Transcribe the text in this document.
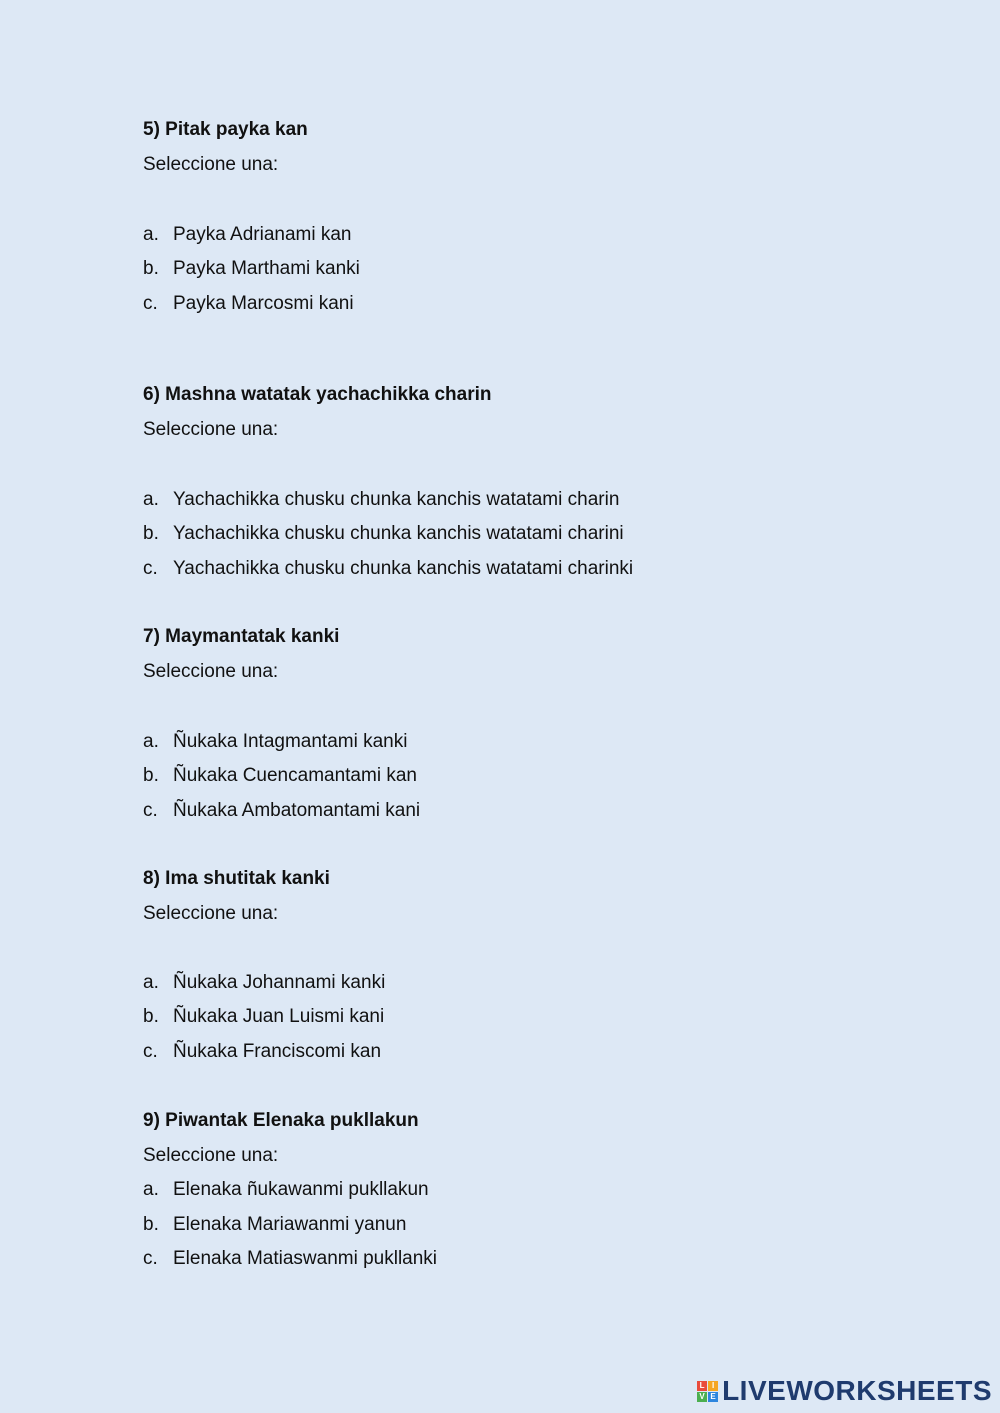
5) Pitak payka kan
Seleccione una:
a. Payka Adrianami kan
b. Payka Marthami kanki
c. Payka Marcosmi kani
6) Mashna watatak yachachikka charin
Seleccione una:
a. Yachachikka chusku chunka kanchis watatami charin
b. Yachachikka chusku chunka kanchis watatami charini
c. Yachachikka chusku chunka kanchis watatami charinki
7) Maymantatak kanki
Seleccione una:
a. Ñukaka Intagmantami kanki
b. Ñukaka Cuencamantami kan
c. Ñukaka Ambatomantami kani
8) Ima shutitak kanki
Seleccione una:
a. Ñukaka Johannami kanki
b. Ñukaka Juan Luismi kani
c. Ñukaka Franciscomi kan
9) Piwantak Elenaka pukllakun
Seleccione una:
a. Elenaka ñukawanmi pukllakun
b. Elenaka Mariawanmi yanun
c. Elenaka Matiaswanmi pukllanki
L I
V E LIVEWORKSHEETS
